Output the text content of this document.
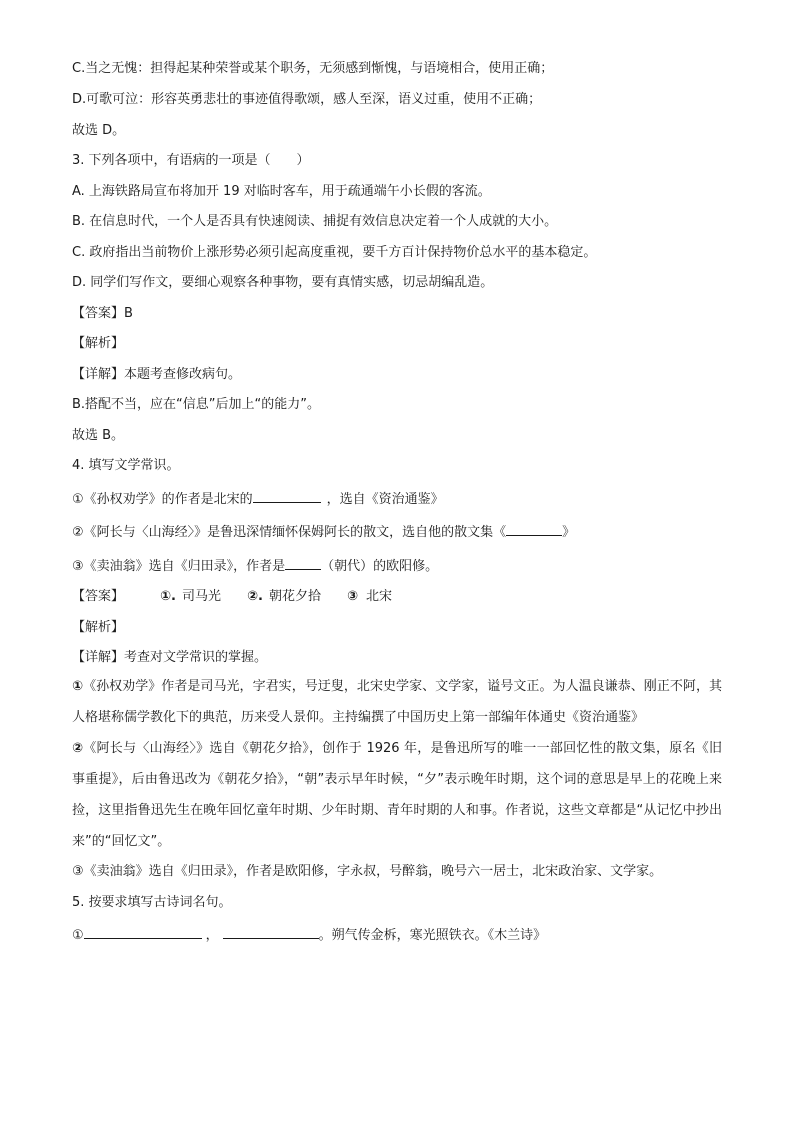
C.当之无愧：担得起某种荣誉或某个职务，无须感到惭愧，与语境相合，使用正确；
D.可歌可泣：形容英勇悲壮的事迹值得歌颂，感人至深，语义过重，使用不正确；
故选 D。
3. 下列各项中，有语病的一项是（　　）
A. 上海铁路局宣布将加开 19 对临时客车，用于疏通端午小长假的客流。
B. 在信息时代，一个人是否具有快速阅读、捕捉有效信息决定着一个人成就的大小。
C. 政府指出当前物价上涨形势必须引起高度重视，要千方百计保持物价总水平的基本稳定。
D. 同学们写作文，要细心观察各种事物，要有真情实感，切忌胡编乱造。
【答案】B
【解析】
【详解】本题考查修改病句。
B.搭配不当，应在“信息”后加上“的能力”。
故选 B。
4. 填写文学常识。
①《孙权劝学》的作者是北宋的	，选自《资治通鉴》
②《阿长与〈山海经〉》是鲁迅深情缅怀保姆阿长的散文，选自他的散文集《	》
③《卖油翁》选自《归田录》，作者是	（朝代）的欧阳修。
【答案】	①. 司马光 ②. 朝花夕拾 ③ 北宋
【解析】
【详解】考查对文学常识的掌握。
①《孙权劝学》作者是司马光，字君实，号迂叟，北宋史学家、文学家，谥号文正。为人温良谦恭、刚正不阿，其人格堪称儒学教化下的典范，历来受人景仰。主持编撰了中国历史上第一部编年体通史《资治通鉴》
②《阿长与〈山海经〉》选自《朝花夕拾》，创作于 1926 年，是鲁迅所写的唯一一部回忆性的散文集，原名《旧事重提》，后由鲁迅改为《朝花夕拾》，“朝”表示早年时候，“夕”表示晚年时期，这个词的意思是早上的花晚上来捡，这里指鲁迅先生在晚年回忆童年时期、少年时期、青年时期的人和事。作者说，这些文章都是“从记忆中抄出来”的“回忆文”。
③《卖油翁》选自《归田录》，作者是欧阳修，字永叔，号醉翁，晚号六一居士，北宋政治家、文学家。
5. 按要求填写古诗词名句。
①	，	。朔气传金柝，寒光照铁衣。《木兰诗》
